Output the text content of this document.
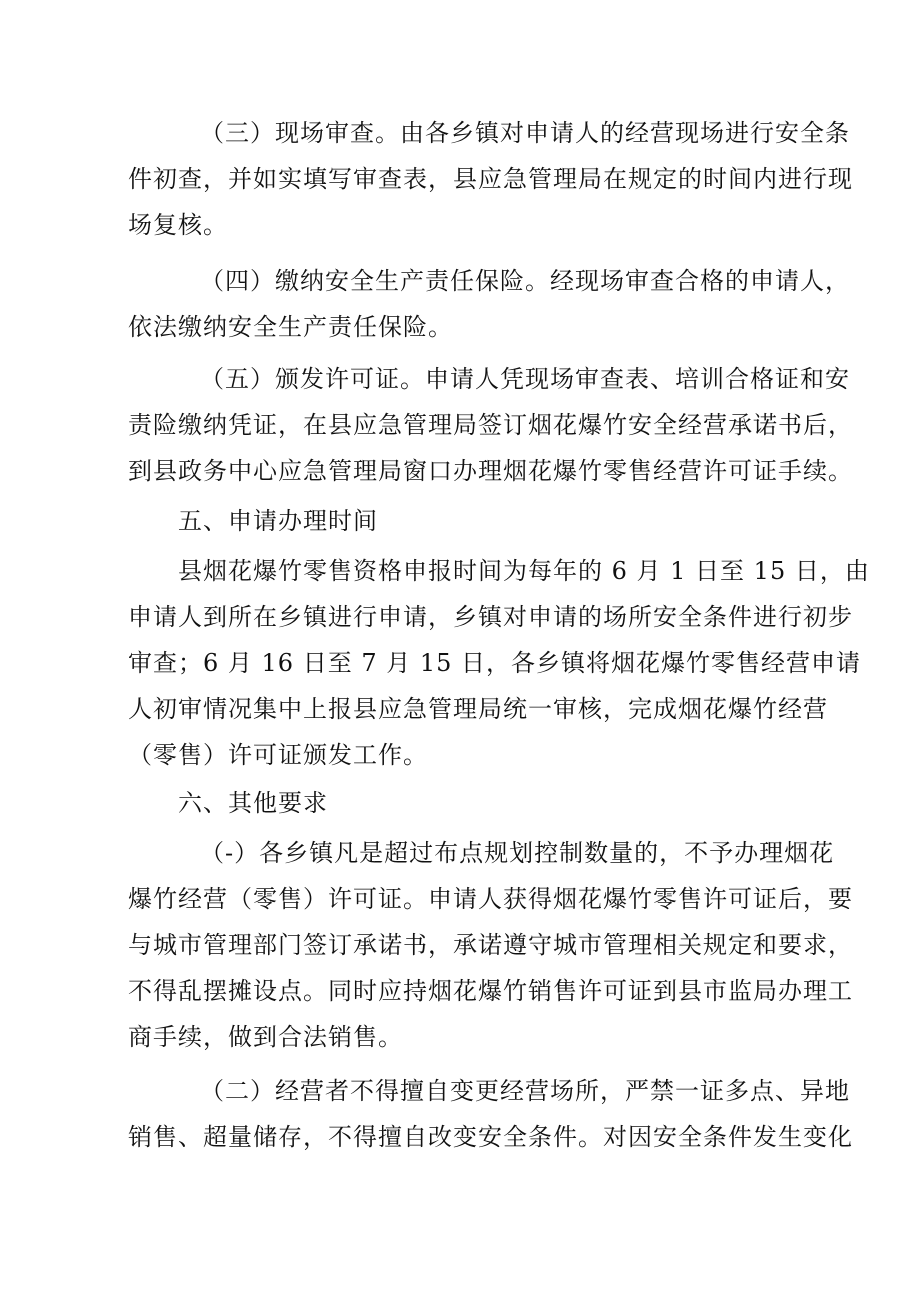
（三）现场审查。由各乡镇对申请人的经营现场进行安全条
件初查，并如实填写审查表，县应急管理局在规定的时间内进行现
场复核。
（四）缴纳安全生产责任保险。经现场审查合格的申请人，
依法缴纳安全生产责任保险。
（五）颁发许可证。申请人凭现场审查表、培训合格证和安
责险缴纳凭证，在县应急管理局签订烟花爆竹安全经营承诺书后，
到县政务中心应急管理局窗口办理烟花爆竹零售经营许可证手续。
五、申请办理时间
县烟花爆竹零售资格申报时间为每年的 6 月 1 日至 15 日，由
申请人到所在乡镇进行申请，乡镇对申请的场所安全条件进行初步
审查；6 月 16 日至 7 月 15 日，各乡镇将烟花爆竹零售经营申请
人初审情况集中上报县应急管理局统一审核，完成烟花爆竹经营
（零售）许可证颁发工作。
六、其他要求
（-）各乡镇凡是超过布点规划控制数量的，不予办理烟花
爆竹经营（零售）许可证。申请人获得烟花爆竹零售许可证后，要
与城市管理部门签订承诺书，承诺遵守城市管理相关规定和要求，
不得乱摆摊设点。同时应持烟花爆竹销售许可证到县市监局办理工
商手续，做到合法销售。
（二）经营者不得擅自变更经营场所，严禁一证多点、异地
销售、超量储存，不得擅自改变安全条件。对因安全条件发生变化
